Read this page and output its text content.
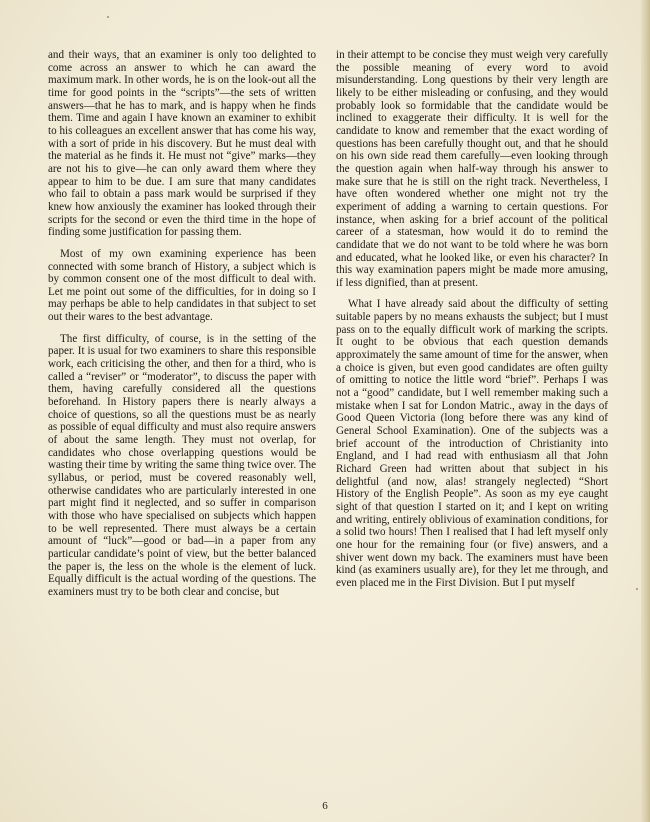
and their ways, that an examiner is only too delighted to come across an answer to which he can award the maximum mark. In other words, he is on the look-out all the time for good points in the “scripts”—the sets of written answers—that he has to mark, and is happy when he finds them. Time and again I have known an examiner to exhibit to his colleagues an excellent answer that has come his way, with a sort of pride in his discovery. But he must deal with the material as he finds it. He must not “give” marks—they are not his to give—he can only award them where they appear to him to be due. I am sure that many candidates who fail to obtain a pass mark would be surprised if they knew how anxiously the examiner has looked through their scripts for the second or even the third time in the hope of finding some justification for passing them.

Most of my own examining experience has been connected with some branch of History, a subject which is by common consent one of the most difficult to deal with. Let me point out some of the difficulties, for in doing so I may perhaps be able to help candidates in that subject to set out their wares to the best advantage.

The first difficulty, of course, is in the setting of the paper. It is usual for two examiners to share this responsible work, each criticising the other, and then for a third, who is called a “reviser” or “moderator”, to discuss the paper with them, having carefully considered all the questions beforehand. In History papers there is nearly always a choice of questions, so all the questions must be as nearly as possible of equal difficulty and must also require answers of about the same length. They must not overlap, for candidates who chose overlapping questions would be wasting their time by writing the same thing twice over. The syllabus, or period, must be covered reasonably well, otherwise candidates who are particularly interested in one part might find it neglected, and so suffer in comparison with those who have specialised on subjects which happen to be well represented. There must always be a certain amount of “luck”—good or bad—in a paper from any particular candidate’s point of view, but the better balanced the paper is, the less on the whole is the element of luck. Equally difficult is the actual wording of the questions. The examiners must try to be both clear and concise, but

in their attempt to be concise they must weigh very carefully the possible meaning of every word to avoid misunderstanding. Long questions by their very length are likely to be either misleading or confusing, and they would probably look so formidable that the candidate would be inclined to exaggerate their difficulty. It is well for the candidate to know and remember that the exact wording of questions has been carefully thought out, and that he should on his own side read them carefully—even looking through the question again when half-way through his answer to make sure that he is still on the right track. Nevertheless, I have often wondered whether one might not try the experiment of adding a warning to certain questions. For instance, when asking for a brief account of the political career of a statesman, how would it do to remind the candidate that we do not want to be told where he was born and educated, what he looked like, or even his character? In this way examination papers might be made more amusing, if less dignified, than at present.

What I have already said about the difficulty of setting suitable papers by no means exhausts the subject; but I must pass on to the equally difficult work of marking the scripts. It ought to be obvious that each question demands approximately the same amount of time for the answer, when a choice is given, but even good candidates are often guilty of omitting to notice the little word “brief”. Perhaps I was not a “good” candidate, but I well remember making such a mistake when I sat for London Matric., away in the days of Good Queen Victoria (long before there was any kind of General School Examination). One of the subjects was a brief account of the introduction of Christianity into England, and I had read with enthusiasm all that John Richard Green had written about that subject in his delightful (and now, alas! strangely neglected) “Short History of the English People”. As soon as my eye caught sight of that question I started on it; and I kept on writing and writing, entirely oblivious of examination conditions, for a solid two hours! Then I realised that I had left myself only one hour for the remaining four (or five) answers, and a shiver went down my back. The examiners must have been kind (as examiners usually are), for they let me through, and even placed me in the First Division. But I put myself

6
